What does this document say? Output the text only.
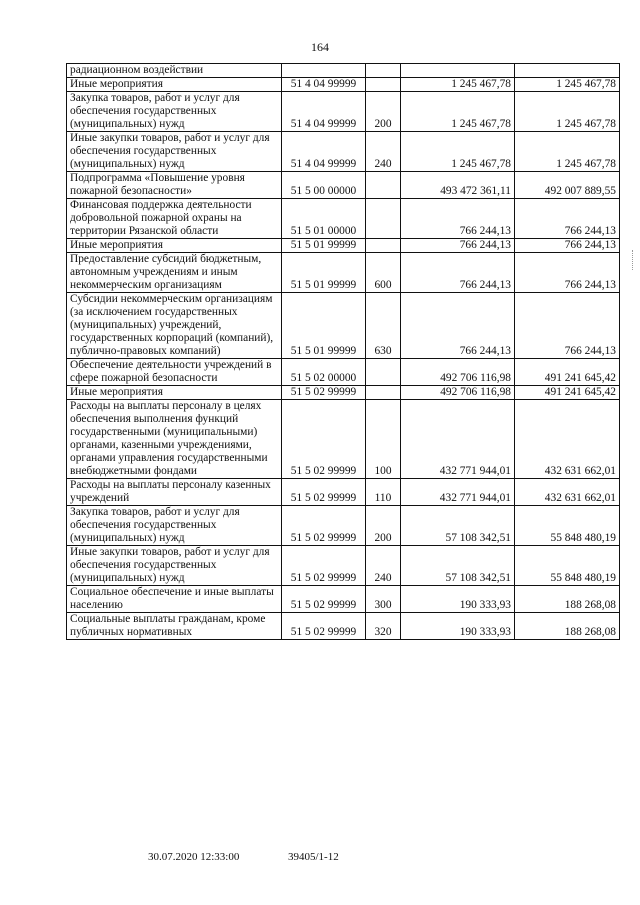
164
радиационном воздействии				
Иные мероприятия	51 4 04 99999		1 245 467,78	1 245 467,78
Закупка товаров, работ и услуг для обеспечения государственных (муниципальных) нужд	51 4 04 99999	200	1 245 467,78	1 245 467,78
Иные закупки товаров, работ и услуг для обеспечения государственных (муниципальных) нужд	51 4 04 99999	240	1 245 467,78	1 245 467,78
Подпрограмма «Повышение уровня пожарной безопасности»	51 5 00 00000		493 472 361,11	492 007 889,55
Финансовая поддержка деятельности добровольной пожарной охраны на территории Рязанской области	51 5 01 00000		766 244,13	766 244,13
Иные мероприятия	51 5 01 99999		766 244,13	766 244,13
Предоставление субсидий бюджетным, автономным учреждениям и иным некоммерческим организациям	51 5 01 99999	600	766 244,13	766 244,13
Субсидии некоммерческим организациям (за исключением государственных (муниципальных) учреждений, государственных корпораций (компаний), публично-правовых компаний)	51 5 01 99999	630	766 244,13	766 244,13
Обеспечение деятельности учреждений в сфере пожарной безопасности	51 5 02 00000		492 706 116,98	491 241 645,42
Иные мероприятия	51 5 02 99999		492 706 116,98	491 241 645,42
Расходы на выплаты персоналу в целях обеспечения выполнения функций государственными (муниципальными) органами, казенными учреждениями, органами управления государственными внебюджетными фондами	51 5 02 99999	100	432 771 944,01	432 631 662,01
Расходы на выплаты персоналу казенных учреждений	51 5 02 99999	110	432 771 944,01	432 631 662,01
Закупка товаров, работ и услуг для обеспечения государственных (муниципальных) нужд	51 5 02 99999	200	57 108 342,51	55 848 480,19
Иные закупки товаров, работ и услуг для обеспечения государственных (муниципальных) нужд	51 5 02 99999	240	57 108 342,51	55 848 480,19
Социальное обеспечение и иные выплаты населению	51 5 02 99999	300	190 333,93	188 268,08
Социальные выплаты гражданам, кроме публичных нормативных	51 5 02 99999	320	190 333,93	188 268,08
30.07.2020 12:33:00	39405/1-12
